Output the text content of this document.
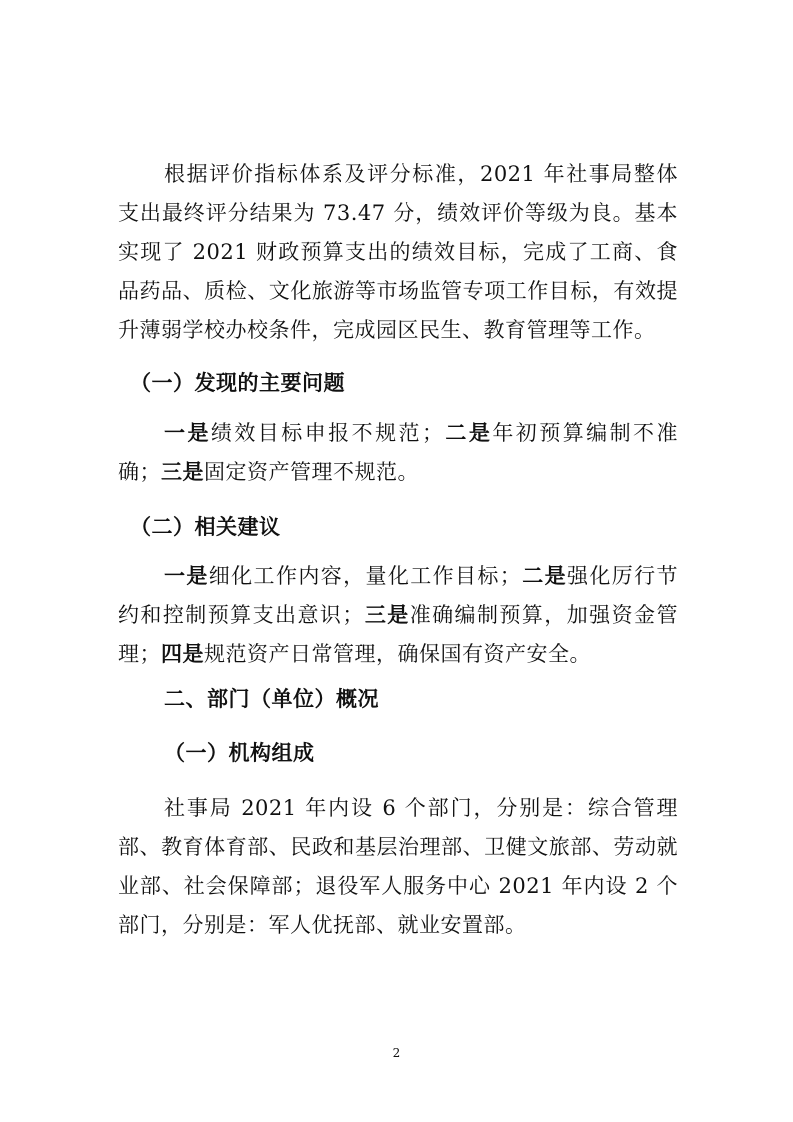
根据评价指标体系及评分标准，2021 年社事局整体支出最终评分结果为 73.47 分，绩效评价等级为良。基本实现了 2021 财政预算支出的绩效目标，完成了工商、食品药品、质检、文化旅游等市场监管专项工作目标，有效提升薄弱学校办校条件，完成园区民生、教育管理等工作。

（一）发现的主要问题

一是绩效目标申报不规范；二是年初预算编制不准确；三是固定资产管理不规范。

（二）相关建议

一是细化工作内容，量化工作目标；二是强化厉行节约和控制预算支出意识；三是准确编制预算，加强资金管理；四是规范资产日常管理，确保国有资产安全。

二、部门（单位）概况

（一）机构组成

社事局 2021 年内设 6 个部门，分别是：综合管理部、教育体育部、民政和基层治理部、卫健文旅部、劳动就业部、社会保障部；退役军人服务中心 2021 年内设 2 个部门，分别是：军人优抚部、就业安置部。

2
